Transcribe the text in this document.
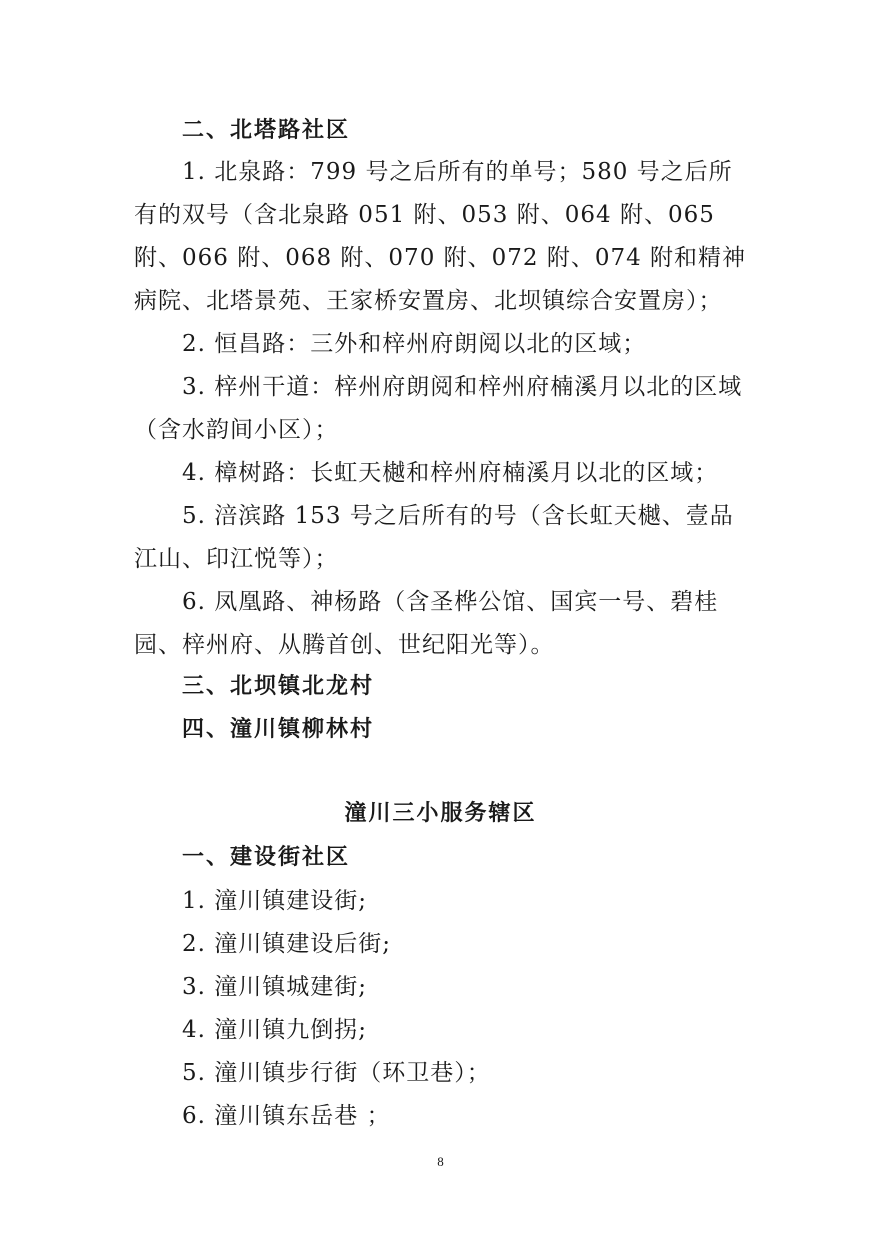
二、北塔路社区
1. 北泉路：799 号之后所有的单号；580 号之后所有的双号（含北泉路 051 附、053 附、064 附、065 附、066 附、068 附、070 附、072 附、074 附和精神病院、北塔景苑、王家桥安置房、北坝镇综合安置房）；
2. 恒昌路：三外和梓州府朗阅以北的区域；
3. 梓州干道：梓州府朗阅和梓州府楠溪月以北的区域（含水韵间小区）；
4. 樟树路：长虹天樾和梓州府楠溪月以北的区域；
5. 涪滨路 153 号之后所有的号（含长虹天樾、壹品江山、印江悦等）；
6. 凤凰路、神杨路（含圣桦公馆、国宾一号、碧桂园、梓州府、从腾首创、世纪阳光等）。
三、北坝镇北龙村
四、潼川镇柳林村
潼川三小服务辖区
一、建设街社区
1. 潼川镇建设街;
2. 潼川镇建设后街;
3. 潼川镇城建街;
4. 潼川镇九倒拐;
5. 潼川镇步行街（环卫巷）；
6. 潼川镇东岳巷 ；
8
